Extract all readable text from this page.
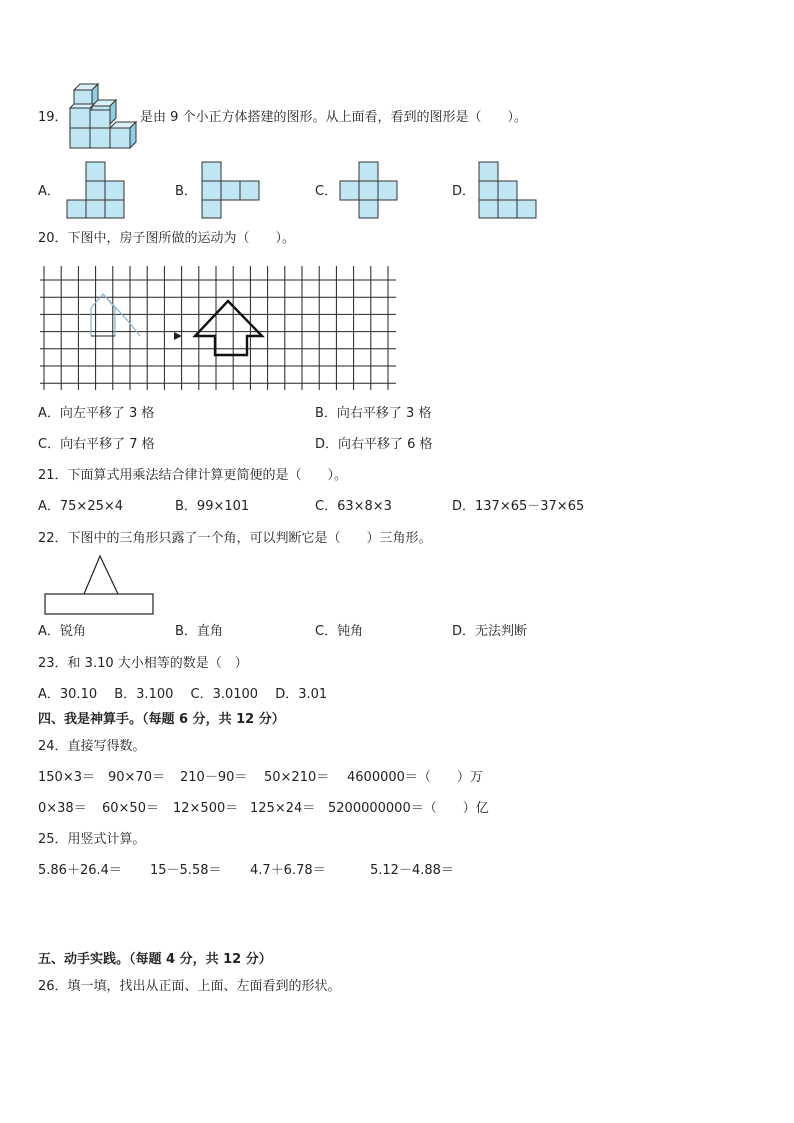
19．	是由 9 个小正方体搭建的图形。从上面看，看到的图形是（　　）。
A．	B．	C．	D．
20．下图中，房子图所做的运动为（　　）。
A．向左平移了 3 格	B．向右平移了 3 格
C．向右平移了 7 格	D．向右平移了 6 格
21．下面算式用乘法结合律计算更简便的是（　　）。
A．75×25×4	B．99×101	C．63×8×3	D．137×65－37×65
22．下图中的三角形只露了一个角，可以判断它是（　　）三角形。
A．锐角	B．直角	C．钝角	D．无法判断
23．和 3.10 大小相等的数是（　）
A．30.10　 B．3.100　 C．3.0100　 D．3.01
四、我是神算手。（每题 6 分，共 12 分）
24．直接写得数。
150×3＝ 90×70＝ 210－90＝ 50×210＝ 4600000＝（　　）万
0×38＝ 60×50＝ 12×500＝ 125×24＝ 5200000000＝（　　）亿
25．用竖式计算。
5.86＋26.4＝ 15－5.58＝ 4.7＋6.78＝	5.12－4.88＝
五、动手实践。（每题 4 分，共 12 分）
26．填一填，找出从正面、上面、左面看到的形状。
